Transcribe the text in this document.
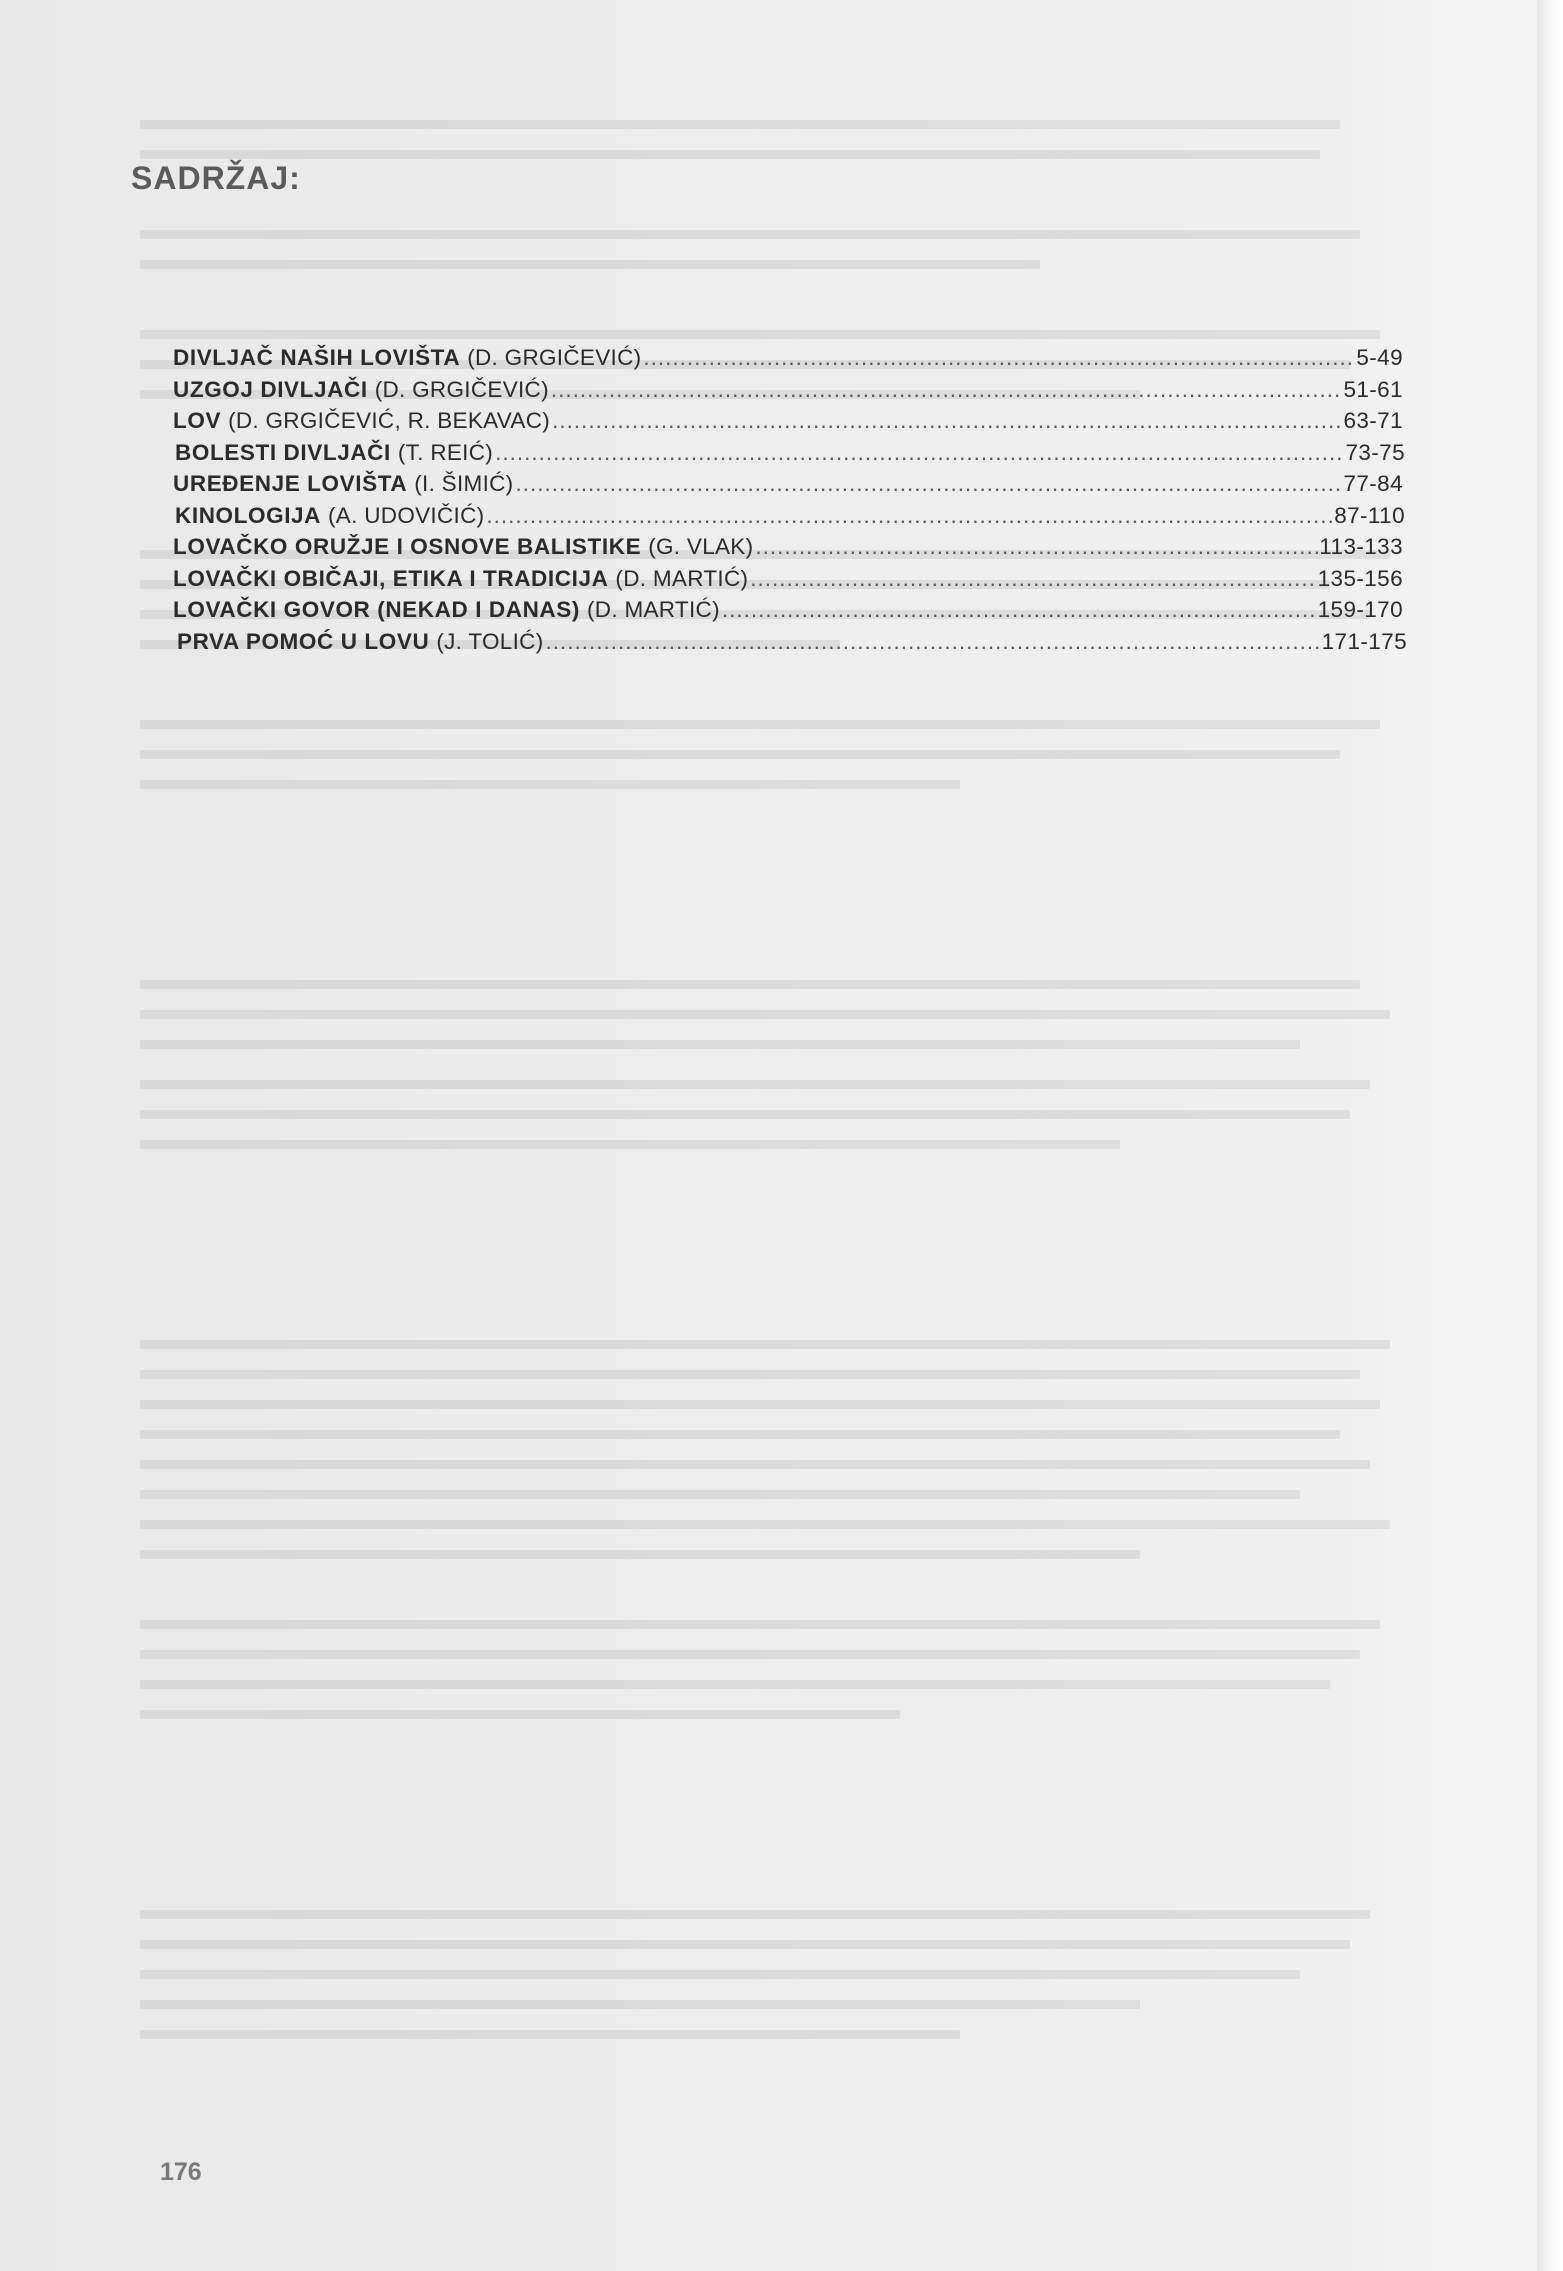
SADRŽAJ:
DIVLJAČ NAŠIH LOVIŠTA (D. GRGIČEVIĆ) .....	5-49
UZGOJ DIVLJAČI (D. GRGIČEVIĆ) .....	51-61
LOV (D. GRGIČEVIĆ, R. BEKAVAC) .....	63-71
BOLESTI DIVLJAČI (T. REIĆ) .....	73-75
UREĐENJE LOVIŠTA (I. ŠIMIĆ) .....	77-84
KINOLOGIJA (A. UDOVIČIĆ) .....	87-110
LOVAČKO ORUŽJE I OSNOVE BALISTIKE (G. VLAK) .....	113-133
LOVAČKI OBIČAJI, ETIKA I TRADICIJA (D. MARTIĆ) .....	135-156
LOVAČKI GOVOR (NEKAD I DANAS) (D. MARTIĆ) .....	159-170
PRVA POMOĆ U LOVU (J. TOLIĆ) .....	171-175
176
